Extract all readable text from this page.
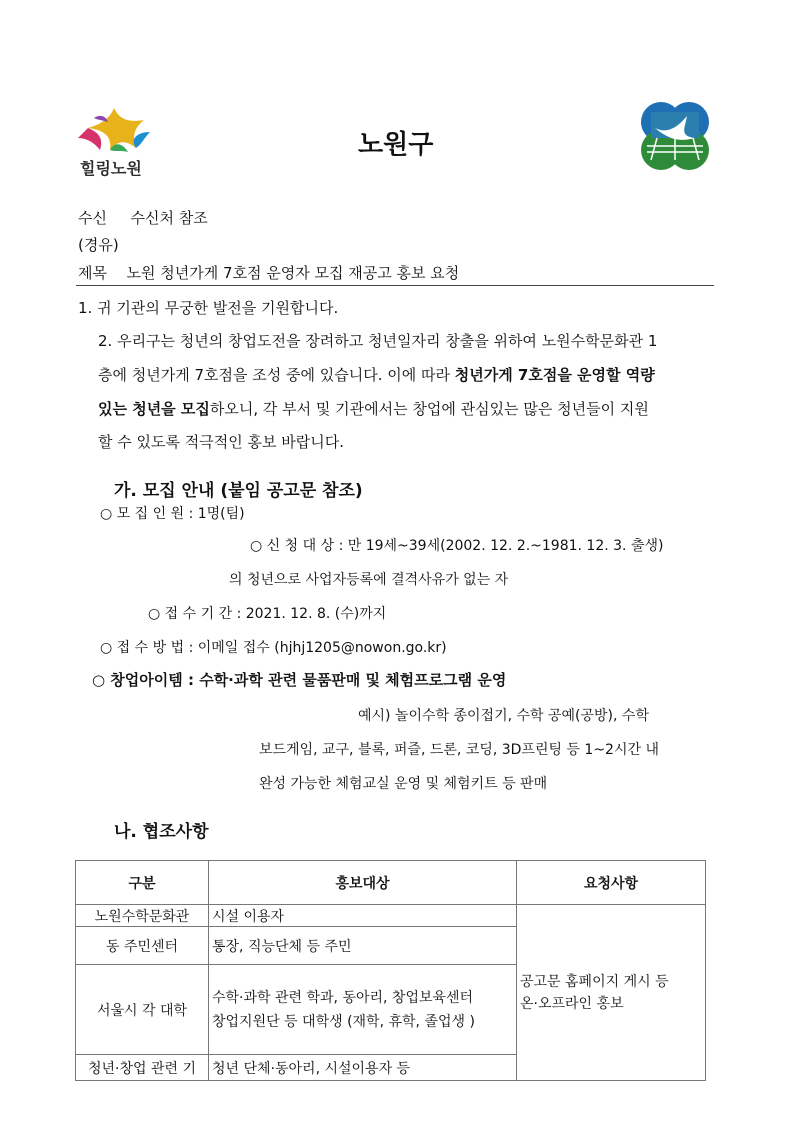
힐링노원
노원구
수신 수신처 참조
(경유)
제목 노원 청년가게 7호점 운영자 모집 재공고 홍보 요청
1. 귀 기관의 무궁한 발전을 기원합니다.
2. 우리구는 청년의 창업도전을 장려하고 청년일자리 창출을 위하여 노원수학문화관 1
층에 청년가게 7호점을 조성 중에 있습니다. 이에 따라 청년가게 7호점을 운영할 역량
있는 청년을 모집하오니, 각 부서 및 기관에서는 창업에 관심있는 많은 청년들이 지원
할 수 있도록 적극적인 홍보 바랍니다.
가. 모집 안내 (붙임 공고문 참조)
○ 모 집 인 원 : 1명(팀)
○ 신 청 대 상 : 만 19세~39세(2002. 12. 2.~1981. 12. 3. 출생)
의 청년으로 사업자등록에 결격사유가 없는 자
○ 접 수 기 간 : 2021. 12. 8. (수)까지
○ 접 수 방 법 : 이메일 접수 (hjhj1205@nowon.go.kr)
○ 창업아이템 : 수학·과학 관련 물품판매 및 체험프로그램 운영
예시) 놀이수학 종이접기, 수학 공예(공방), 수학
보드게임, 교구, 블록, 퍼즐, 드론, 코딩, 3D프린팅 등 1~2시간 내
완성 가능한 체험교실 운영 및 체험키트 등 판매
나. 협조사항
구분	홍보대상	요청사항
노원수학문화관	시설 이용자	공고문 홈페이지 게시 등
온·오프라인 홍보

동 주민센터	통장, 직능단체 등 주민	
서울시 각 대학	수학·과학 관련 학과, 동아리, 창업보육센터
창업지원단 등 대학생 (재학, 휴학, 졸업생 )	

청년·창업 관련 기	청년 단체·동아리, 시설이용자 등	
